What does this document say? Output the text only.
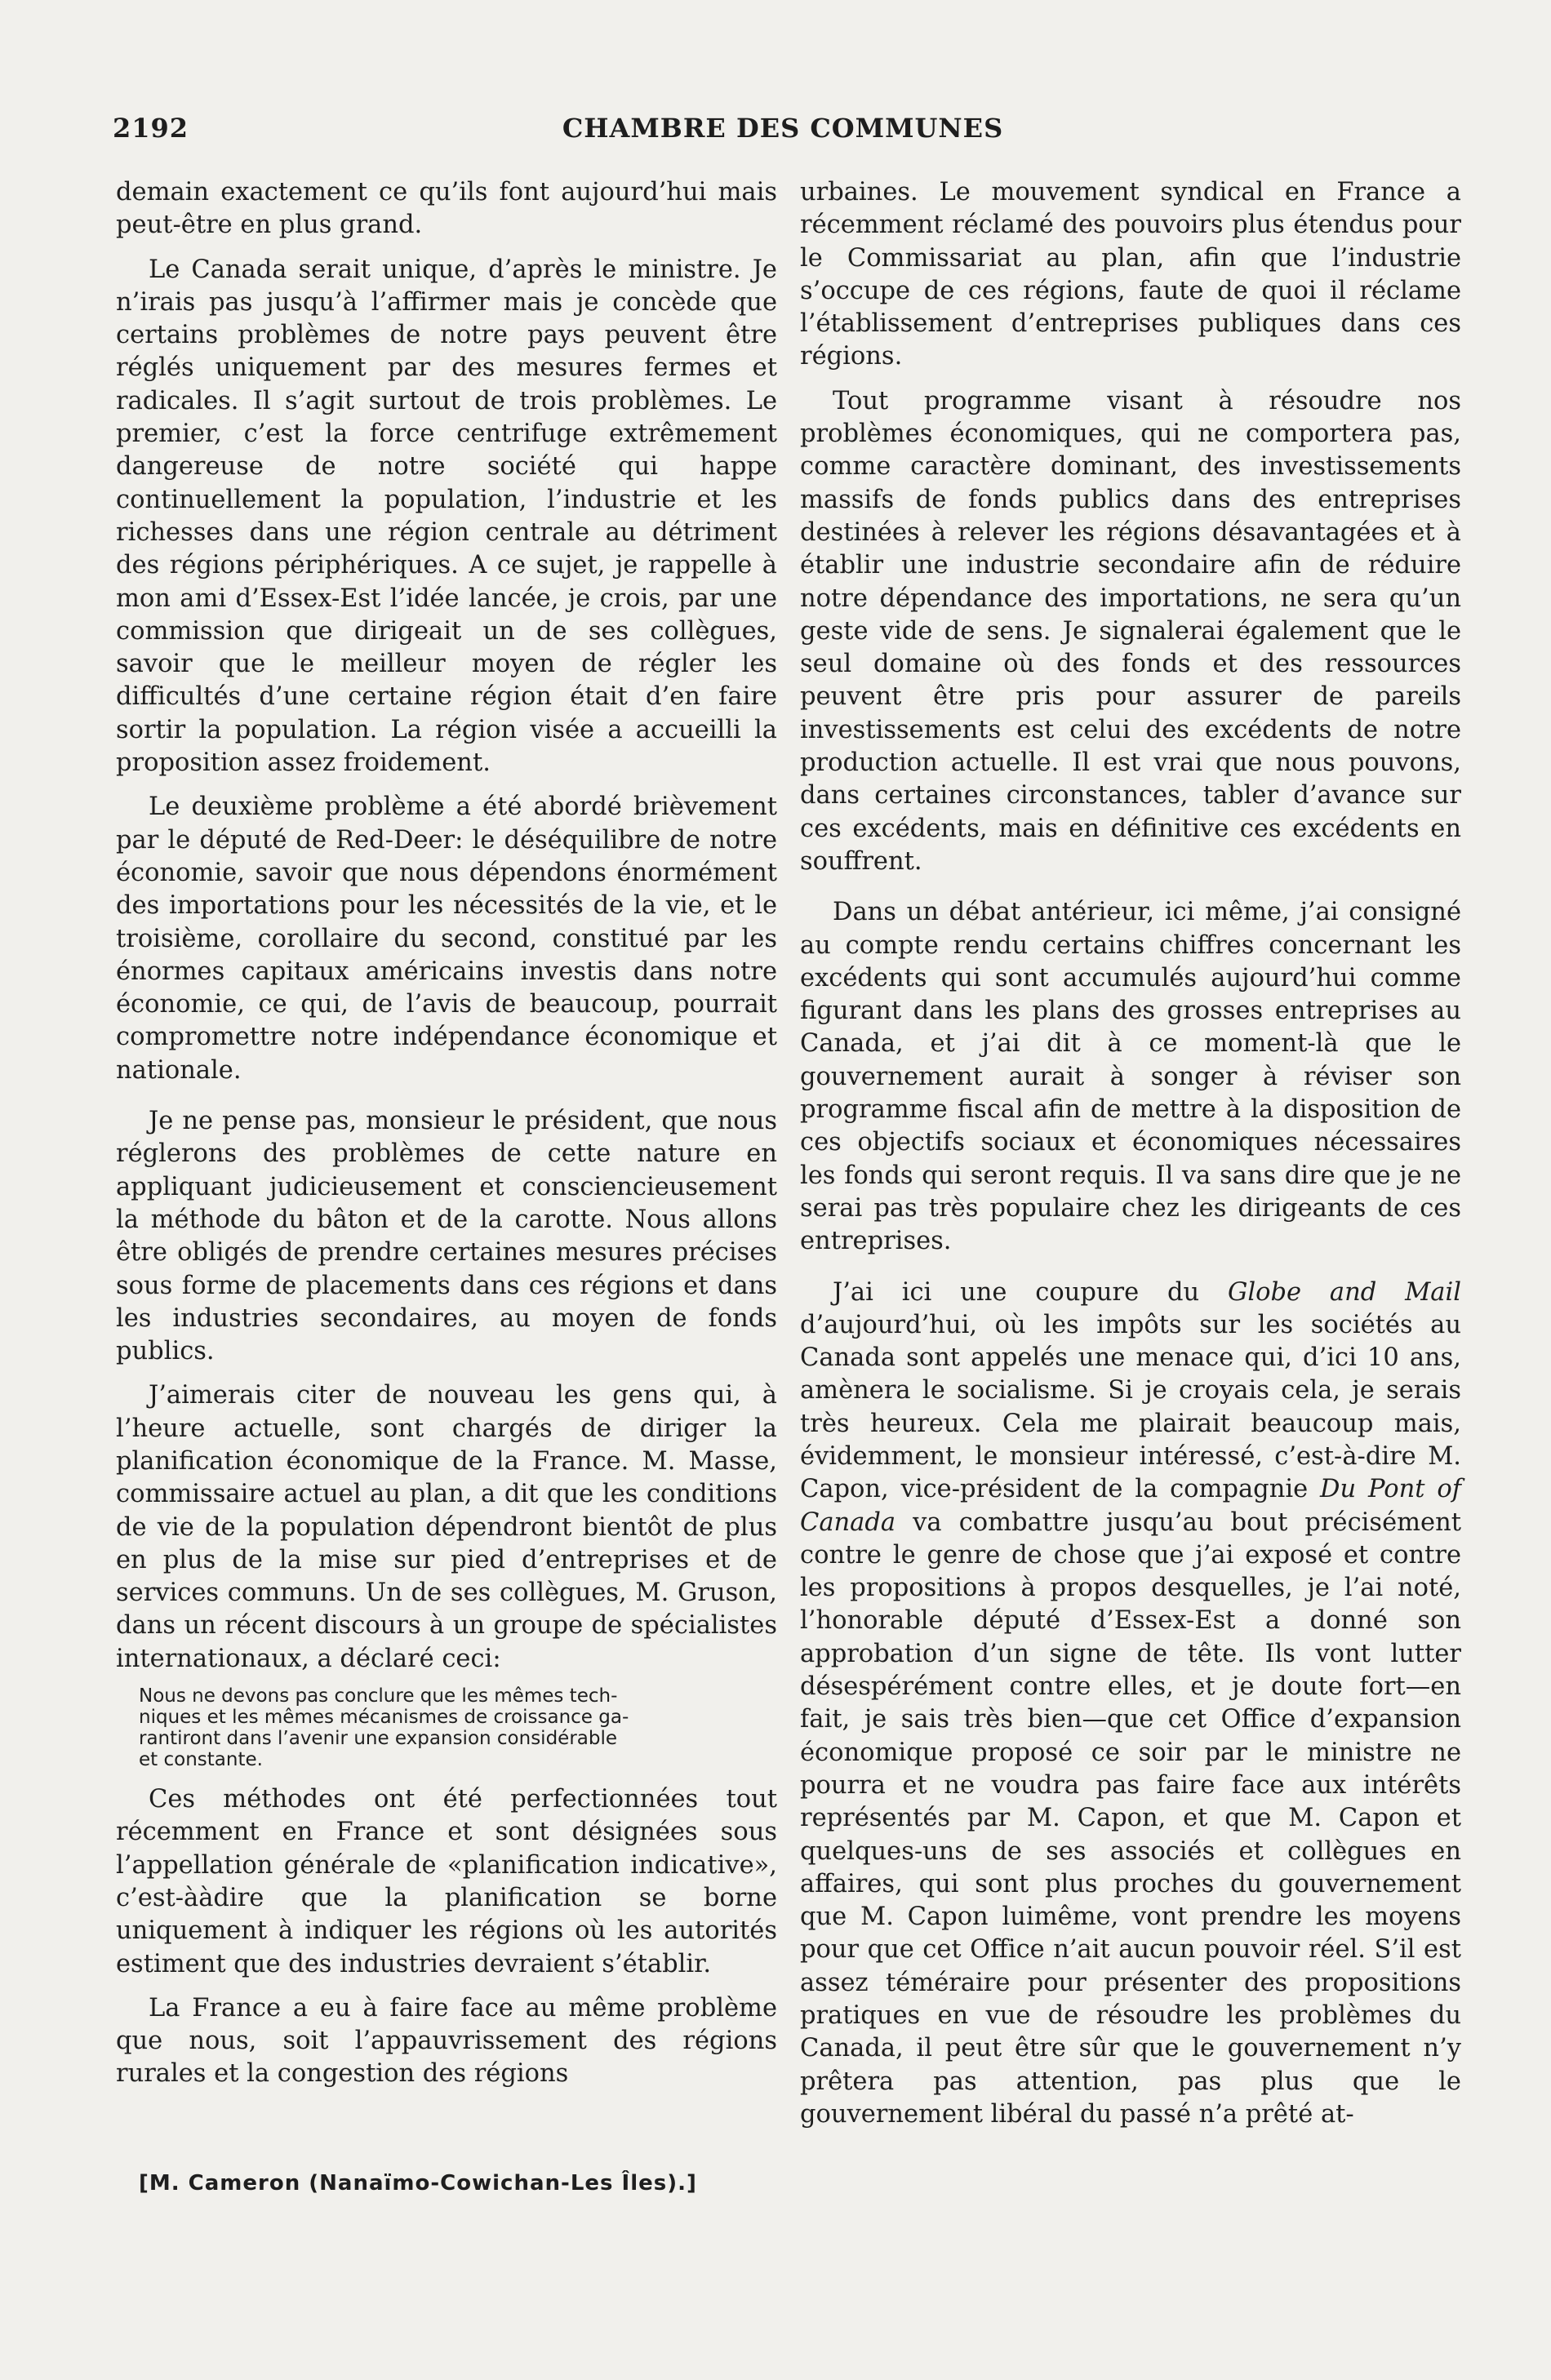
2192	CHAMBRE DES COMMUNES

demain exactement ce qu’ils font aujourd’hui mais peut-être en plus grand.

Le Canada serait unique, d’après le ministre. Je n’irais pas jusqu’à l’affirmer mais je concède que certains problèmes de notre pays peuvent être réglés uniquement par des mesures fermes et radicales. Il s’agit surtout de trois problèmes. Le premier, c’est la force centrifuge extrêmement dangereuse de notre société qui happe continuellement la population, l’industrie et les richesses dans une région centrale au détriment des régions périphériques. A ce sujet, je rappelle à mon ami d’Essex-Est l’idée lancée, je crois, par une commission que dirigeait un de ses collègues, savoir que le meilleur moyen de régler les difficultés d’une certaine région était d’en faire sortir la population. La région visée a accueilli la proposition assez froidement.

Le deuxième problème a été abordé brièvement par le député de Red-Deer: le déséquilibre de notre économie, savoir que nous dépendons énormément des importations pour les nécessités de la vie, et le troisième, corollaire du second, constitué par les énormes capitaux américains investis dans notre économie, ce qui, de l’avis de beaucoup, pourrait compromettre notre indépendance économique et nationale.

Je ne pense pas, monsieur le président, que nous réglerons des problèmes de cette nature en appliquant judicieusement et consciencieusement la méthode du bâton et de la carotte. Nous allons être obligés de prendre certaines mesures précises sous forme de placements dans ces régions et dans les industries secondaires, au moyen de fonds publics.

J’aimerais citer de nouveau les gens qui, à l’heure actuelle, sont chargés de diriger la planification économique de la France. M. Masse, commissaire actuel au plan, a dit que les conditions de vie de la population dépendront bientôt de plus en plus de la mise sur pied d’entreprises et de services communs. Un de ses collègues, M. Gruson, dans un récent discours à un groupe de spécialistes internationaux, a déclaré ceci:

Nous ne devons pas conclure que les mêmes tech-
niques et les mêmes mécanismes de croissance ga-
rantiront dans l’avenir une expansion considérable
et constante.

Ces méthodes ont été perfectionnées tout récemment en France et sont désignées sous l’appellation générale de «planification indicative», c’est-ààdire que la planification se borne uniquement à indiquer les régions où les autorités estiment que des industries devraient s’établir.

La France a eu à faire face au même problème que nous, soit l’appauvrissement des régions rurales et la congestion des régions

urbaines. Le mouvement syndical en France a récemment réclamé des pouvoirs plus étendus pour le Commissariat au plan, afin que l’industrie s’occupe de ces régions, faute de quoi il réclame l’établissement d’entreprises publiques dans ces régions.

Tout programme visant à résoudre nos problèmes économiques, qui ne comportera pas, comme caractère dominant, des investissements massifs de fonds publics dans des entreprises destinées à relever les régions désavantagées et à établir une industrie secondaire afin de réduire notre dépendance des importations, ne sera qu’un geste vide de sens. Je signalerai également que le seul domaine où des fonds et des ressources peuvent être pris pour assurer de pareils investissements est celui des excédents de notre production actuelle. Il est vrai que nous pouvons, dans certaines circonstances, tabler d’avance sur ces excédents, mais en définitive ces excédents en souffrent.

Dans un débat antérieur, ici même, j’ai consigné au compte rendu certains chiffres concernant les excédents qui sont accumulés aujourd’hui comme figurant dans les plans des grosses entreprises au Canada, et j’ai dit à ce moment-là que le gouvernement aurait à songer à réviser son programme fiscal afin de mettre à la disposition de ces objectifs sociaux et économiques nécessaires les fonds qui seront requis. Il va sans dire que je ne serai pas très populaire chez les dirigeants de ces entreprises.

J’ai ici une coupure du Globe and Mail d’aujourd’hui, où les impôts sur les sociétés au Canada sont appelés une menace qui, d’ici 10 ans, amènera le socialisme. Si je croyais cela, je serais très heureux. Cela me plairait beaucoup mais, évidemment, le monsieur intéressé, c’est-à-dire M. Capon, vice-président de la compagnie Du Pont of Canada va combattre jusqu’au bout précisément contre le genre de chose que j’ai exposé et contre les propositions à propos desquelles, je l’ai noté, l’honorable député d’Essex-Est a donné son approbation d’un signe de tête. Ils vont lutter désespérément contre elles, et je doute fort—en fait, je sais très bien—que cet Office d’expansion économique proposé ce soir par le ministre ne pourra et ne voudra pas faire face aux intérêts représentés par M. Capon, et que M. Capon et quelques-uns de ses associés et collègues en affaires, qui sont plus proches du gouvernement que M. Capon luimême, vont prendre les moyens pour que cet Office n’ait aucun pouvoir réel. S’il est assez téméraire pour présenter des propositions pratiques en vue de résoudre les problèmes du Canada, il peut être sûr que le gouvernement n’y prêtera pas attention, pas plus que le gouvernement libéral du passé n’a prêté at-

[M. Cameron (Nanaïmo-Cowichan-Les Îles).]
